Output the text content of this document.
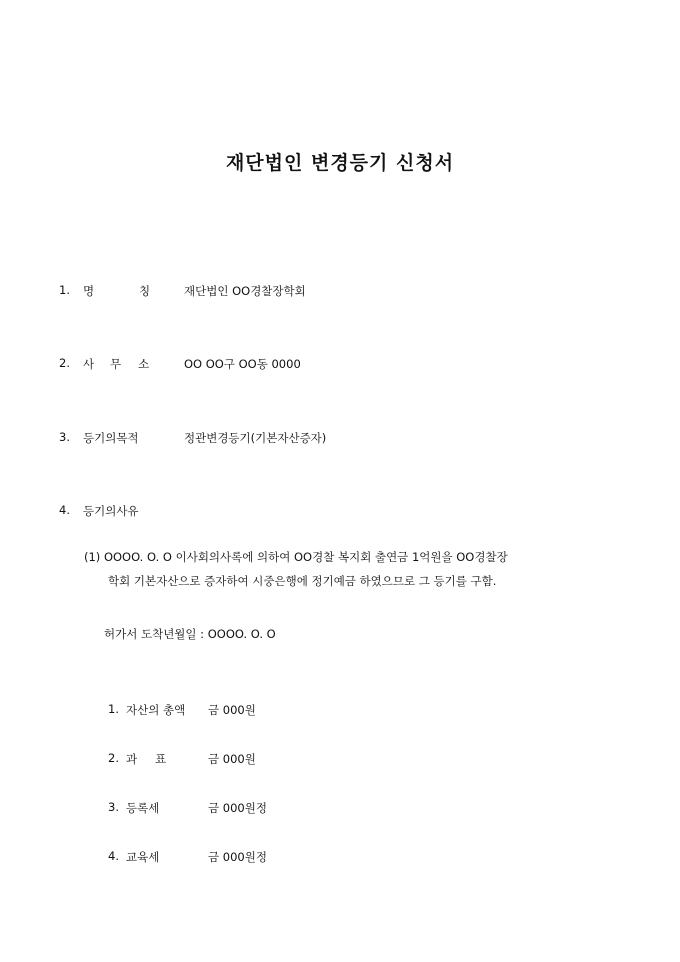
재단법인 변경등기 신청서
1. 명	칭	재단법인 OO경찰장학회
2. 사 무 소	OO OO구 OO동 0000
3. 등기의목적	정관변경등기(기본자산증자)
4. 등기의사유
(1) OOOO. O. O 이사회의사록에 의하여 OO경찰 복지회 출연금 1억원을 OO경찰장
학회 기본자산으로 증자하여 시중은행에 정기예금 하였으므로 그 등기를 구함.
허가서 도착년월일 : OOOO. O. O
1. 자산의 총액 금 000원
2. 과 표	금 000원
3. 등록세	금 000원정
4. 교육세	금 000원정
